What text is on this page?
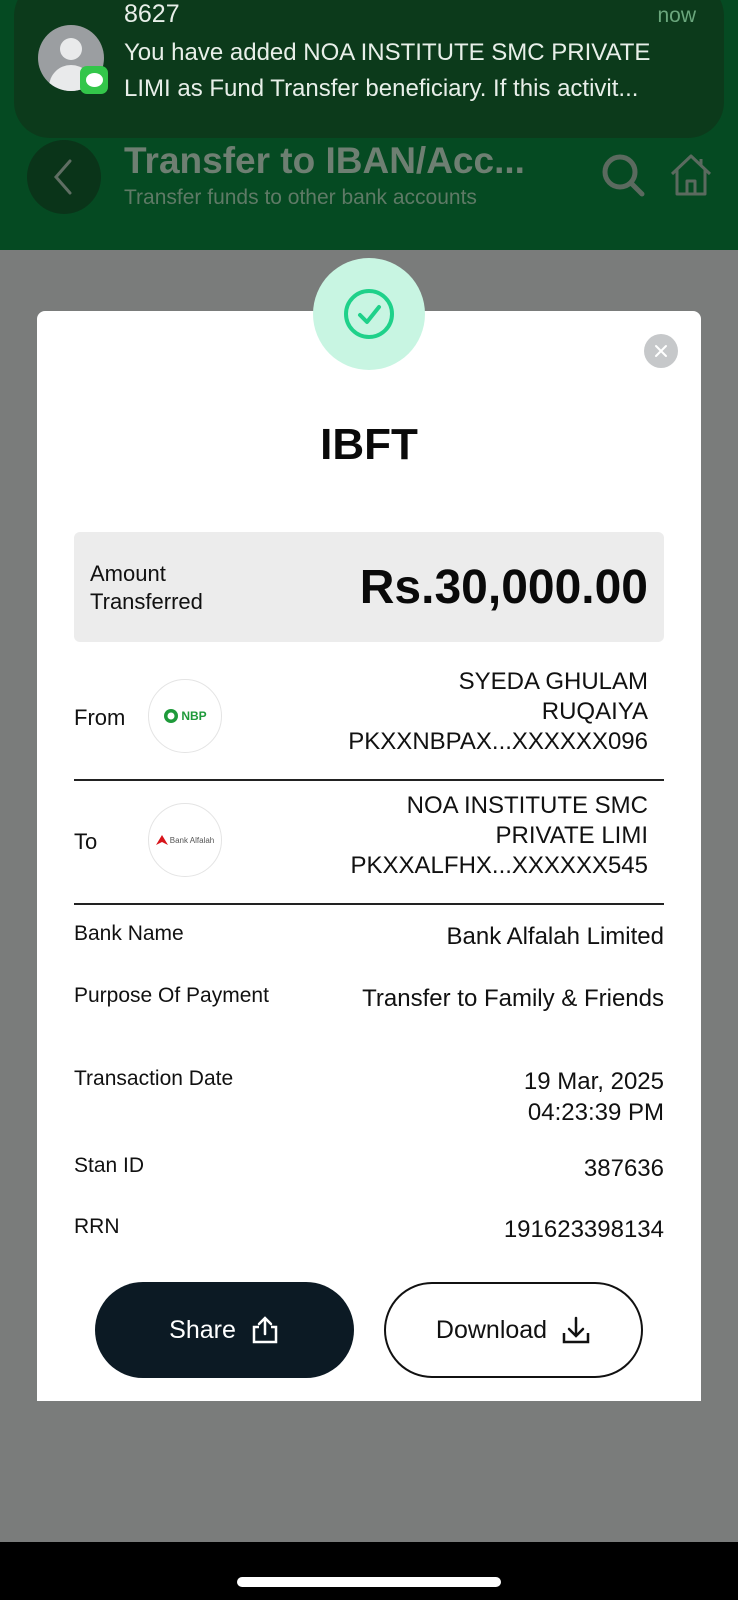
Transfer to IBAN/Acc...
Transfer funds to other bank accounts
8627	now
You have added NOA INSTITUTE SMC PRIVATE LIMI as Fund Transfer beneficiary. If this activit...
IBFT
Amount Transferred	Rs.30,000.00
From	NBP
SYEDA GHULAM
RUQAIYA
PKXXNBPAX...XXXXXX096
To	Bank Alfalah
NOA INSTITUTE SMC
PRIVATE LIMI
PKXXALFHX...XXXXXX545
Bank Name	Bank Alfalah Limited
Purpose Of Payment	Transfer to Family & Friends
Transaction Date	19 Mar, 2025 04:23:39 PM
Stan ID	387636
RRN	191623398134
Share	Download
